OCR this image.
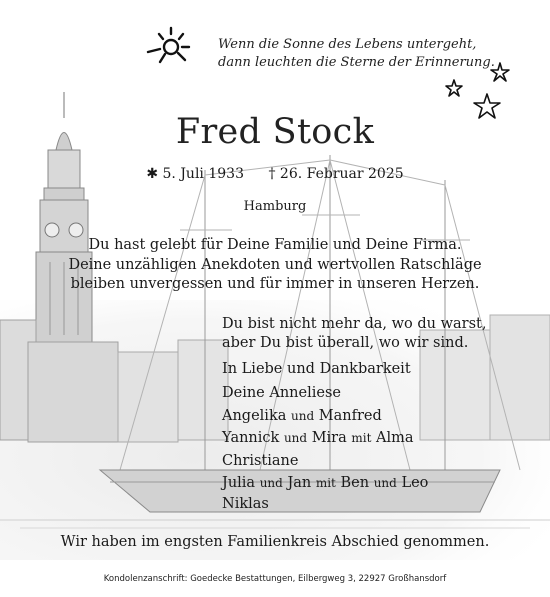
Wenn die Sonne des Lebens untergeht,
dann leuchten die Sterne der Erinnerung.
Fred Stock
✱ 5. Juli 1933 † 26. Februar 2025
Hamburg
Du hast gelebt für Deine Familie und Deine Firma.
Deine unzähligen Anekdoten und wertvollen Ratschläge
bleiben unvergessen und für immer in unseren Herzen.
Du bist nicht mehr da, wo du warst,
aber Du bist überall, wo wir sind.
In Liebe und Dankbarkeit
Deine Anneliese
Angelika und Manfred
Yannick und Mira mit Alma
Christiane
Julia und Jan mit Ben und Leo
Niklas
Wir haben im engsten Familienkreis Abschied genommen.
Kondolenzanschrift: Goedecke Bestattungen, Eilbergweg 3, 22927 Großhansdorf
